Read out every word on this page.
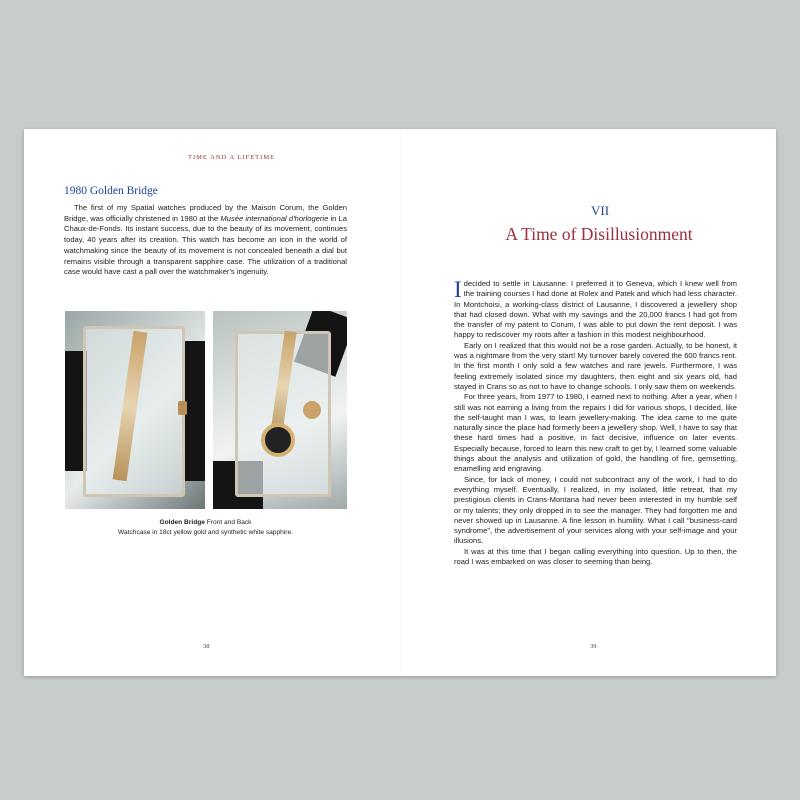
TIME AND A LIFETIME
1980 Golden Bridge

The first of my Spatial watches produced by the Maison Corum, the Golden Bridge, was officially christened in 1980 at the Musée international d'horlogerie in La Chaux-de-Fonds. Its instant success, due to the beauty of its movement, continues today, 40 years after its creation. This watch has become an icon in the world of watchmaking since the beauty of its movement is not concealed beneath a dial but remains visible through a transparent sapphire case. The utilization of a traditional case would have cast a pall over the watchmaker's ingenuity.

Golden Bridge Front and Back
Watchcase in 18ct yellow gold and synthetic white sapphire.
38
VII
A Time of Disillusionment

Idecided to settle in Lausanne. I preferred it to Geneva, which I knew well from the training courses I had done at Rolex and Patek and which had less character. In Montchoisi, a working-class district of Lausanne, I discovered a jewellery shop that had closed down. What with my savings and the 20,000 francs I had got from the transfer of my patent to Corum, I was able to put down the rent deposit. I was happy to rediscover my roots after a fashion in this modest neighbourhood.

Early on I realized that this would not be a rose garden. Actually, to be honest, it was a nightmare from the very start! My turnover barely covered the 600 francs rent. In the first month I only sold a few watches and rare jewels. Furthermore, I was feeling extremely isolated since my daughters, then eight and six years old, had stayed in Crans so as not to have to change schools. I only saw them on weekends.

For three years, from 1977 to 1980, I earned next to nothing. After a year, when I still was not earning a living from the repairs I did for various shops, I decided, like the self-taught man I was, to learn jewellery-making. The idea came to me quite naturally since the place had formerly been a jewellery shop. Well, I have to say that these hard times had a positive, in fact decisive, influence on later events. Especially because, forced to learn this new craft to get by, I learned some valuable things about the analysis and utilization of gold, the handling of fire, gemsetting, enamelling and engraving.

Since, for lack of money, I could not subcontract any of the work, I had to do everything myself. Eventually, I realized, in my isolated, little retreat, that my prestigious clients in Crans-Montana had never been interested in my humble self or my talents; they only dropped in to see the manager. They had forgotten me and never showed up in Lausanne. A fine lesson in humility. What I call "business-card syndrome", the advertisement of your services along with your self-image and your illusions.

It was at this time that I began calling everything into question. Up to then, the road I was embarked on was closer to seeming than being.

39
